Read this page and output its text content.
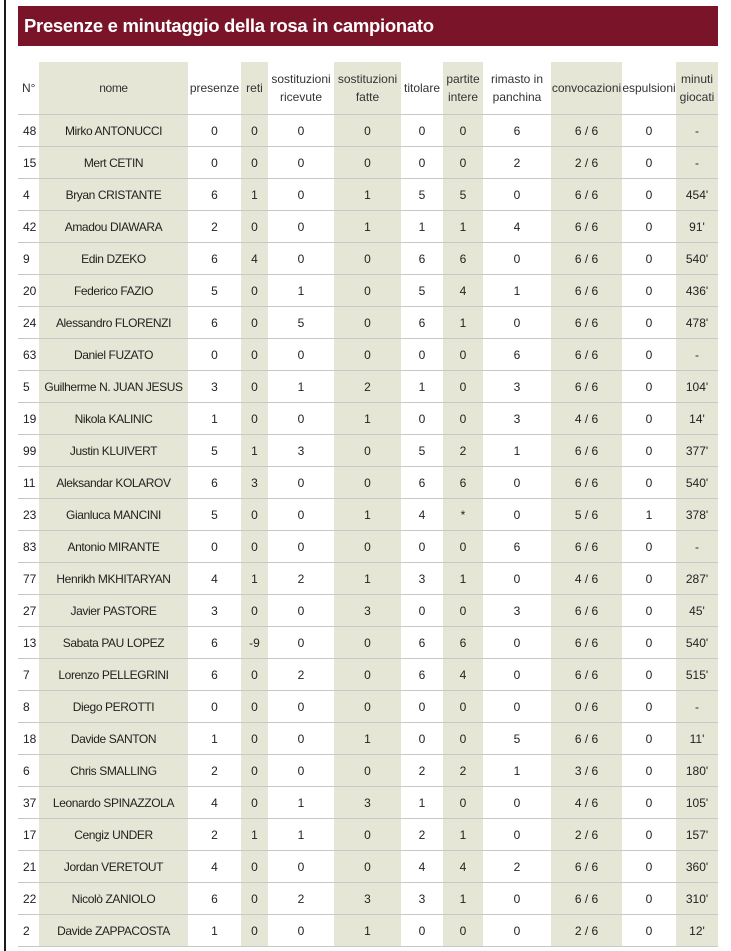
Presenze e minutaggio della rosa in campionato
N°	nome	presenze	reti	sostituzioni ricevute	sostituzioni fatte	titolare	partite intere	rimasto in panchina	convocazioni	espulsioni	minuti giocati
48	Mirko ANTONUCCI	0	0	0	0	0	0	6	6 / 6	0	-
15	Mert CETIN	0	0	0	0	0	0	2	2 / 6	0	-
4	Bryan CRISTANTE	6	1	0	1	5	5	0	6 / 6	0	454'
42	Amadou DIAWARA	2	0	0	1	1	1	4	6 / 6	0	91'
9	Edin DZEKO	6	4	0	0	6	6	0	6 / 6	0	540'
20	Federico FAZIO	5	0	1	0	5	4	1	6 / 6	0	436'
24	Alessandro FLORENZI	6	0	5	0	6	1	0	6 / 6	0	478'
63	Daniel FUZATO	0	0	0	0	0	0	6	6 / 6	0	-
5	Guilherme N. JUAN JESUS	3	0	1	2	1	0	3	6 / 6	0	104'
19	Nikola KALINIC	1	0	0	1	0	0	3	4 / 6	0	14'
99	Justin KLUIVERT	5	1	3	0	5	2	1	6 / 6	0	377'
11	Aleksandar KOLAROV	6	3	0	0	6	6	0	6 / 6	0	540'
23	Gianluca MANCINI	5	0	0	1	4	*	0	5 / 6	1	378'
83	Antonio MIRANTE	0	0	0	0	0	0	6	6 / 6	0	-
77	Henrikh MKHITARYAN	4	1	2	1	3	1	0	4 / 6	0	287'
27	Javier PASTORE	3	0	0	3	0	0	3	6 / 6	0	45'
13	Sabata PAU LOPEZ	6	-9	0	0	6	6	0	6 / 6	0	540'
7	Lorenzo PELLEGRINI	6	0	2	0	6	4	0	6 / 6	0	515'
8	Diego PEROTTI	0	0	0	0	0	0	0	0 / 6	0	-
18	Davide SANTON	1	0	0	1	0	0	5	6 / 6	0	11'
6	Chris SMALLING	2	0	0	0	2	2	1	3 / 6	0	180'
37	Leonardo SPINAZZOLA	4	0	1	3	1	0	0	4 / 6	0	105'
17	Cengiz UNDER	2	1	1	0	2	1	0	2 / 6	0	157'
21	Jordan VERETOUT	4	0	0	0	4	4	2	6 / 6	0	360'
22	Nicolò ZANIOLO	6	0	2	3	3	1	0	6 / 6	0	310'
2	Davide ZAPPACOSTA	1	0	0	1	0	0	0	2 / 6	0	12'
